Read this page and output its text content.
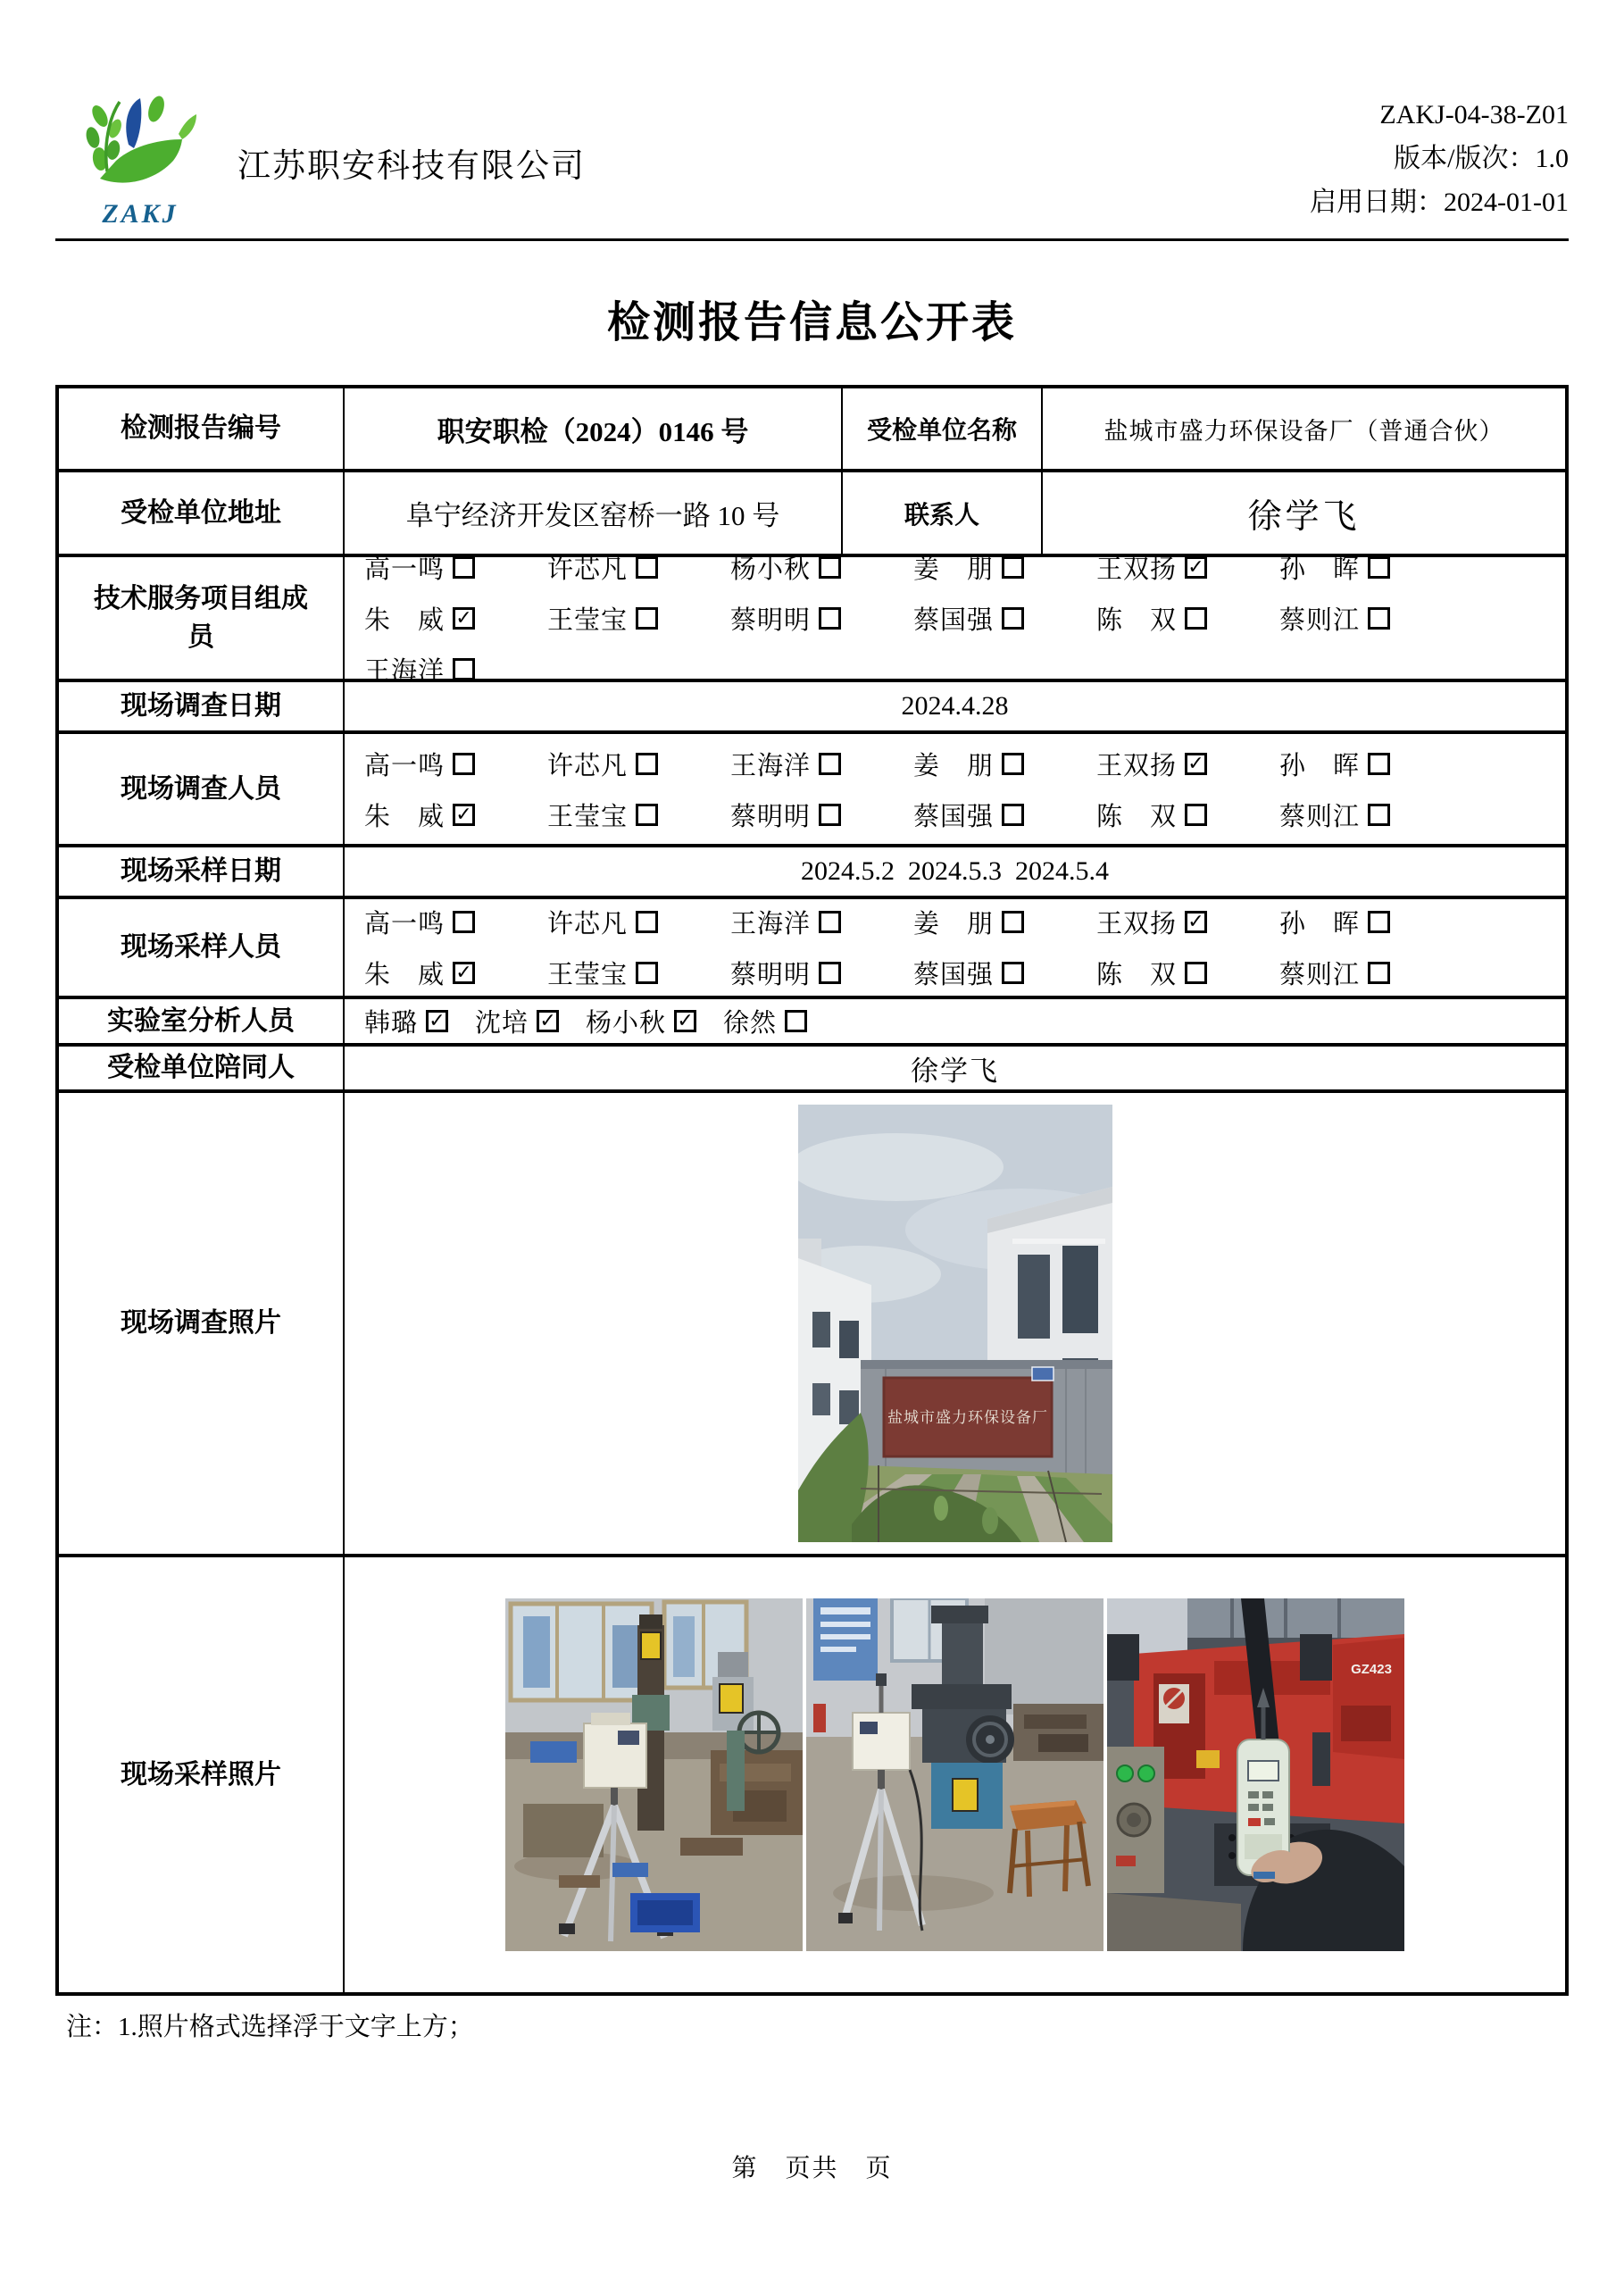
ZAKJ
江苏职安科技有限公司
ZAKJ-04-38-Z01
版本/版次：1.0
启用日期：2024-01-01
检测报告信息公开表
检测报告编号	职安职检（2024）0146 号	受检单位名称	盐城市盛力环保设备厂（普通合伙）
受检单位地址	阜宁经济开发区窑桥一路 10 号	联系人	徐学飞
技术服务项目组成员
高一鸣	许芯凡	杨小秋	姜　朋	王双扬 ✓	孙　晖
朱　威 ✓	王莹宝	蔡明明	蔡国强	陈　双	蔡则江
王海洋
现场调查日期	2024.4.28
现场调查人员
高一鸣	许芯凡	王海洋	姜　朋	王双扬 ✓	孙　晖
朱　威 ✓	王莹宝	蔡明明	蔡国强	陈　双	蔡则江
现场采样日期	2024.5.2  2024.5.3  2024.5.4
现场采样人员
高一鸣	许芯凡	王海洋	姜　朋	王双扬 ✓	孙　晖
朱　威 ✓	王莹宝	蔡明明	蔡国强	陈　双	蔡则江
实验室分析人员	韩璐 ✓ 沈培 ✓ 杨小秋 ✓ 徐然
受检单位陪同人	徐学飞
现场调查照片
盐城市盛力环保设备厂
现场采样照片
GZ423
注：1.照片格式选择浮于文字上方；
第　页共　页
